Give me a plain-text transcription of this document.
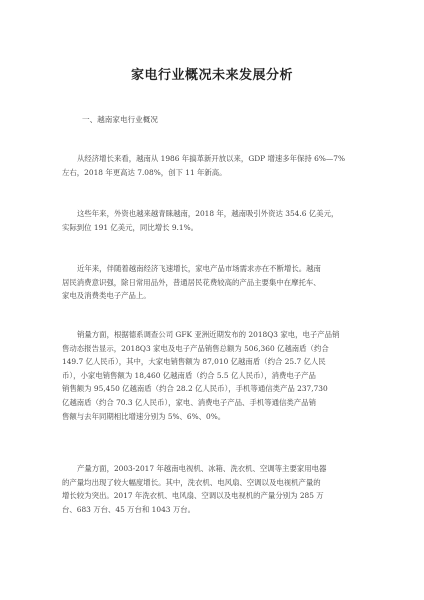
家电行业概况未来发展分析
一、越南家电行业概况
从经济增长来看，越南从 1986 年搞革新开放以来，GDP 增速多年保持 6%—7%
左右，2018 年更高达 7.08%，创下 11 年新高。
这些年来，外资也越来越青睐越南，2018 年，越南吸引外资达 354.6 亿美元，
实际到位 191 亿美元，同比增长 9.1%。
近年来，伴随着越南经济飞速增长，家电产品市场需求亦在不断增长。越南
居民消费意识强，除日常用品外，普通居民花费较高的产品主要集中在摩托车、
家电及消费类电子产品上。
销量方面，根据德系调查公司 GFK 亚洲近期发布的 2018Q3 家电，电子产品销
售动态报告显示，2018Q3 家电及电子产品销售总额为 506,360 亿越南盾（约合
149.7 亿人民币），其中，大家电销售额为 87,010 亿越南盾（约合 25.7 亿人民
币），小家电销售额为 18,460 亿越南盾（约合 5.5 亿人民币），消费电子产品
销售额为 95,450 亿越南盾（约合 28.2 亿人民币），手机等通信类产品 237,730
亿越南盾（约合 70.3 亿人民币），家电、消费电子产品、手机等通信类产品销
售额与去年同期相比增速分别为 5%、6%、0%。
产量方面，2003-2017 年越南电视机、冰箱、洗衣机、空调等主要家用电器
的产量均出现了较大幅度增长。其中，洗衣机、电风扇、空调以及电视机产量的
增长较为突出。2017 年洗衣机、电风扇、空调以及电视机的产量分别为 285 万
台、683 万台、45 万台和 1043 万台。
